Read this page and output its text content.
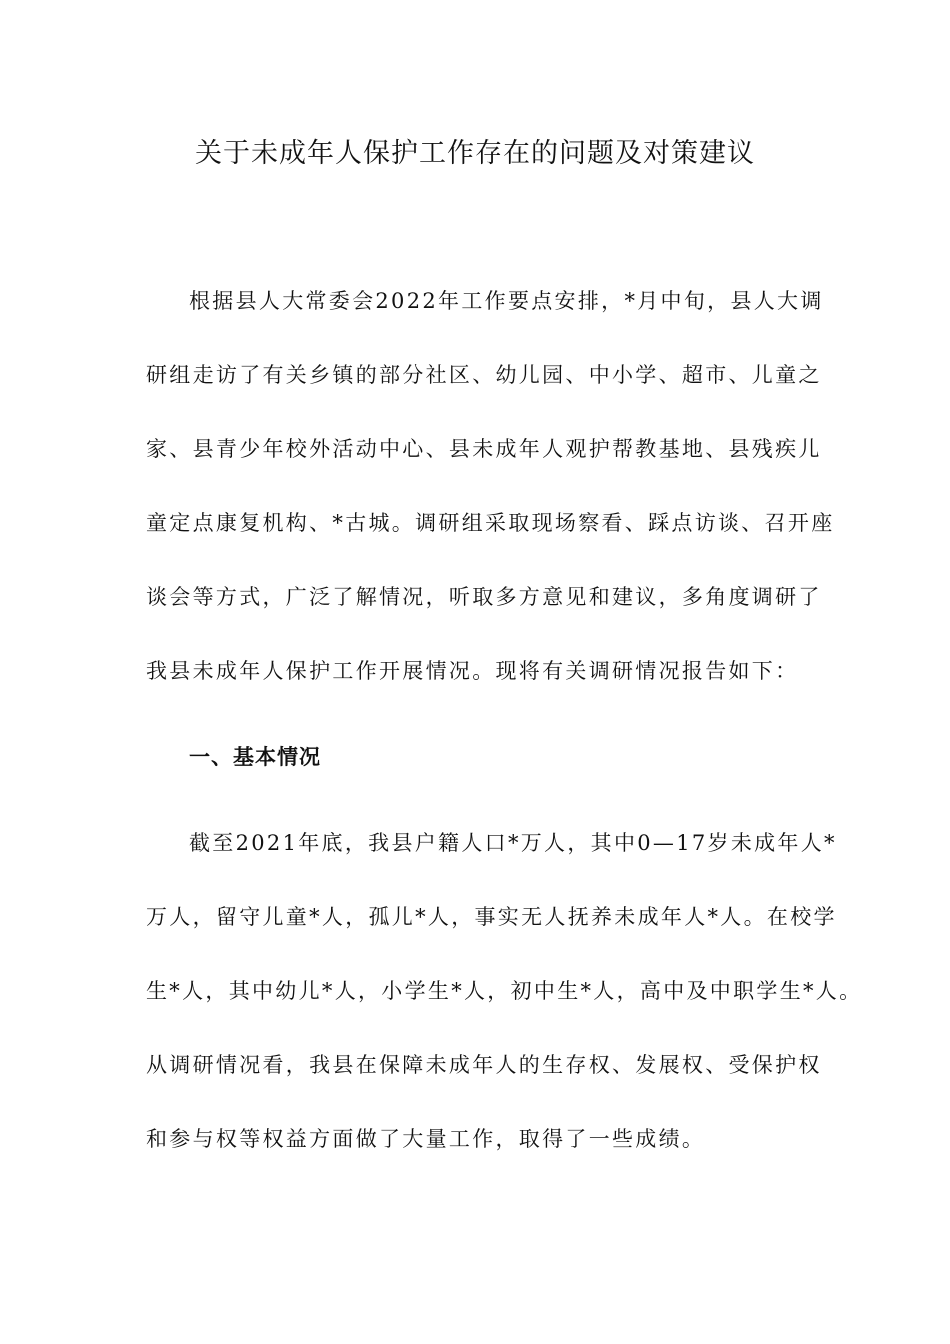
关于未成年人保护工作存在的问题及对策建议

根据县人大常委会2022年工作要点安排，*月中旬，县人大调

研组走访了有关乡镇的部分社区、幼儿园、中小学、超市、儿童之

家、县青少年校外活动中心、县未成年人观护帮教基地、县残疾儿

童定点康复机构、*古城。调研组采取现场察看、踩点访谈、召开座

谈会等方式，广泛了解情况，听取多方意见和建议，多角度调研了

我县未成年人保护工作开展情况。现将有关调研情况报告如下：

一、基本情况

截至2021年底，我县户籍人口*万人，其中0—17岁未成年人*

万人，留守儿童*人，孤儿*人，事实无人抚养未成年人*人。在校学

生*人，其中幼儿*人，小学生*人，初中生*人，高中及中职学生*人。

从调研情况看，我县在保障未成年人的生存权、发展权、受保护权

和参与权等权益方面做了大量工作，取得了一些成绩。
